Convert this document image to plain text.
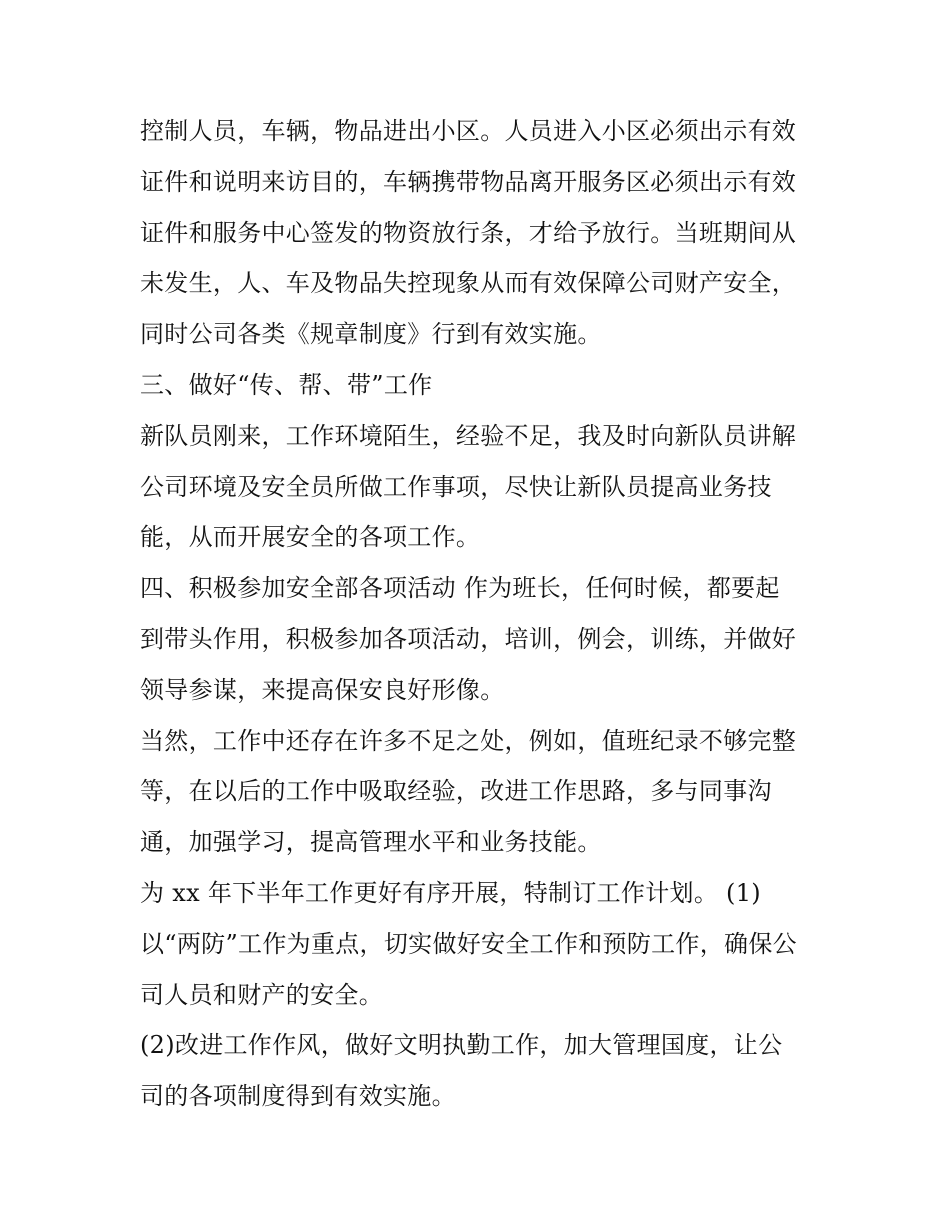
控制人员，车辆，物品进出小区。人员进入小区必须出示有效
证件和说明来访目的，车辆携带物品离开服务区必须出示有效
证件和服务中心签发的物资放行条，才给予放行。当班期间从
未发生，人、车及物品失控现象从而有效保障公司财产安全，
同时公司各类《规章制度》行到有效实施。
三、做好“传、帮、带”工作
新队员刚来，工作环境陌生，经验不足，我及时向新队员讲解
公司环境及安全员所做工作事项，尽快让新队员提高业务技
能，从而开展安全的各项工作。
四、积极参加安全部各项活动 作为班长，任何时候，都要起
到带头作用，积极参加各项活动，培训，例会，训练，并做好
领导参谋，来提高保安良好形像。
当然，工作中还存在许多不足之处，例如，值班纪录不够完整
等，在以后的工作中吸取经验，改进工作思路，多与同事沟
通，加强学习，提高管理水平和业务技能。
为 xx 年下半年工作更好有序开展，特制订工作计划。 (1)
以“两防”工作为重点，切实做好安全工作和预防工作，确保公
司人员和财产的安全。
(2)改进工作作风，做好文明执勤工作，加大管理国度，让公
司的各项制度得到有效实施。
